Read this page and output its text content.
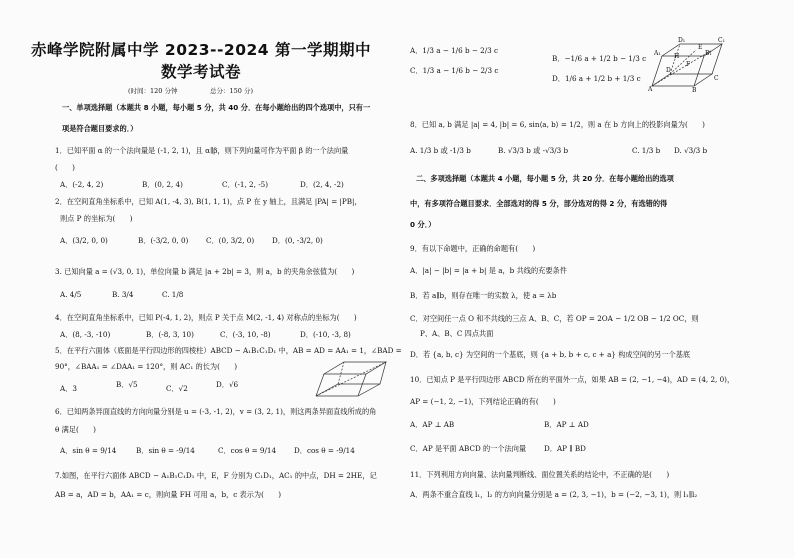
赤峰学院附属中学 2023--2024 第一学期期中
数学考试卷
(时间：120 分钟　　　　　总分：150 分)
一、单项选择题（本题共 8 小题，每小题 5 分，共 40 分．在每小题给出的四个选项中，只有一
项是符合题目要求的．）
1．已知平面 α 的一个法向量是 (-1, 2, 1)，且 α∥β，则下列向量可作为平面 β 的一个法向量
(　　)
A．(-2, 4, 2)	B．(0, 2, 4)	C．(-1, 2, -5)	D．(2, 4, -2)
2．在空间直角坐标系中，已知 A(1, -4, 3), B(1, 1, 1)，点 P 在 y 轴上，且满足 |PA| = |PB|，
则点 P 的坐标为(　　)
A．(3/2, 0, 0)	B．(-3/2, 0, 0) C．(0, 3/2, 0) D．(0, -3/2, 0)
3. 已知向量 a = (√3, 0, 1)，单位向量 b 满足 |a + 2b| = 3，则 a，b 的夹角余弦值为(　　)
A. 4/5	B. 3/4	C. 1/8
4．在空间直角坐标系中，已知 P(-4, 1, 2)，则点 P 关于点 M(2, -1, 4) 对称点的坐标为(　　)
A．(8, -3, -10)	B．(-8, 3, 10)	C．(-3, 10, -8)	D．(-10, -3, 8)
5．在平行六面体（底面是平行四边形的四棱柱）ABCD − A₁B₁C₁D₁ 中，AB = AD = AA₁ = 1，∠BAD =
90°，∠BAA₁ = ∠DAA₁ = 120°，则 AC₁ 的长为(　　)
A．3	B．√5	C．√2	D．√6
6．已知两条异面直线的方向向量分别是 u = (-3, -1, 2)，v = (3, 2, 1)，则这两条异面直线所成的角
θ 满足(　　)
A．sin θ = 9/14	B．sin θ = -9/14	C．cos θ = 9/14 D．cos θ = -9/14
7.如图，在平行六面体 ABCD − A₁B₁C₁D₁ 中，E，F 分别为 C₁D₁，AC₁ 的中点，DH = 2HE，记
AB = a，AD = b，AA₁ = c，则向量 FH 可用 a，b，c 表示为(　　)
A．1/3 a − 1/6 b − 2/3 c
C．1/3 a − 1/6 b − 2/3 c
B．−1/6 a + 1/2 b − 1/3 c
D．1/6 a + 1/2 b + 1/3 c
D₁	C₁
A₁	B₁
A	B
D
C
E
F
H
8．已知 a, b 满足 |a| = 4, |b| = 6, sin⟨a, b⟩ = 1/2，则 a 在 b 方向上的投影向量为(　　)
A. 1/3 b 或 -1/3 b	B. √3/3 b 或 -√3/3 b	C. 1/3 b D. √3/3 b
二、多项选择题（本题共 4 小题，每小题 5 分，共 20 分．在每小题给出的选项
中，有多项符合题目要求．全部选对的得 5 分，部分选对的得 2 分，有选错的得
0 分．）
9．有以下命题中，正确的命题有(　　)
A．|a| − |b| = |a + b| 是 a，b 共线的充要条件
B．若 a∥b，则存在唯一的实数 λ，使 a = λb
C．对空间任一点 O 和不共线的三点 A、B、C，若 OP = 2OA − 1/2 OB − 1/2 OC，则
P、A、B、C 四点共面
D．若 {a, b, c} 为空间的一个基底，则 {a + b, b + c, c + a} 构成空间的另一个基底
10．已知点 P 是平行四边形 ABCD 所在的平面外一点，如果 AB = (2, −1, −4)，AD = (4, 2, 0)，
AP = (−1, 2, −1)，下列结论正确的有(　　)
A．AP ⊥ AB	B．AP ⊥ AD
C．AP 是平面 ABCD 的一个法向量 D．AP ∥ BD
11．下列利用方向向量、法向量判断线、面位置关系的结论中，不正确的是(　　)
A．两条不重合直线 l₁，l₂ 的方向向量分别是 a = (2, 3, −1)，b = (−2, −3, 1)，则 l₁∥l₂
